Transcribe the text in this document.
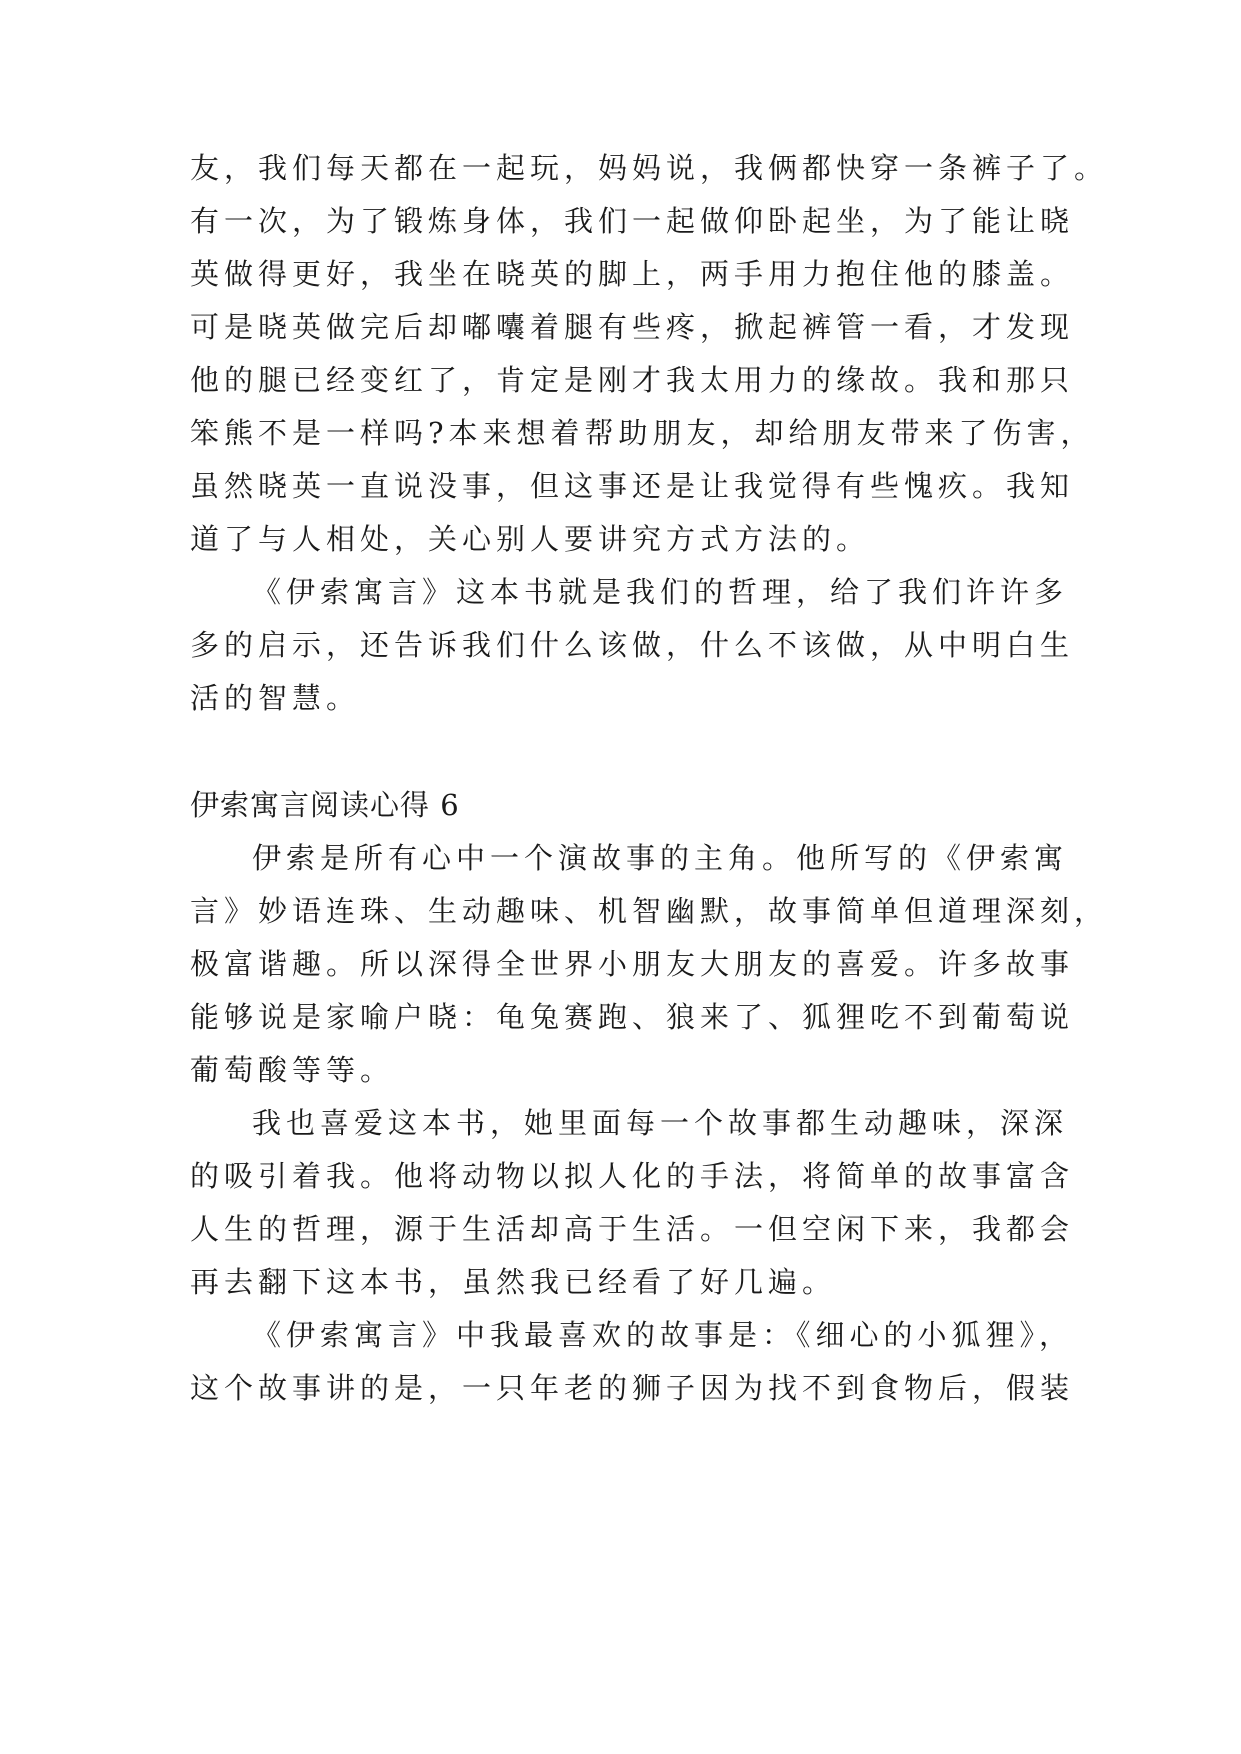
友，我们每天都在一起玩，妈妈说，我俩都快穿一条裤子了。
有一次，为了锻炼身体，我们一起做仰卧起坐，为了能让晓
英做得更好，我坐在晓英的脚上，两手用力抱住他的膝盖。
可是晓英做完后却嘟囔着腿有些疼，掀起裤管一看，才发现
他的腿已经变红了，肯定是刚才我太用力的缘故。我和那只
笨熊不是一样吗?本来想着帮助朋友，却给朋友带来了伤害，
虽然晓英一直说没事，但这事还是让我觉得有些愧疚。我知
道了与人相处，关心别人要讲究方式方法的。
《伊索寓言》这本书就是我们的哲理，给了我们许许多
多的启示，还告诉我们什么该做，什么不该做，从中明白生
活的智慧。
伊索寓言阅读心得 6
伊索是所有心中一个演故事的主角。他所写的《伊索寓
言》妙语连珠、生动趣味、机智幽默，故事简单但道理深刻，
极富谐趣。所以深得全世界小朋友大朋友的喜爱。许多故事
能够说是家喻户晓：龟兔赛跑、狼来了、狐狸吃不到葡萄说
葡萄酸等等。
我也喜爱这本书，她里面每一个故事都生动趣味，深深
的吸引着我。他将动物以拟人化的手法，将简单的故事富含
人生的哲理，源于生活却高于生活。一但空闲下来，我都会
再去翻下这本书，虽然我已经看了好几遍。
《伊索寓言》中我最喜欢的故事是：《细心的小狐狸》，
这个故事讲的是，一只年老的狮子因为找不到食物后，假装
